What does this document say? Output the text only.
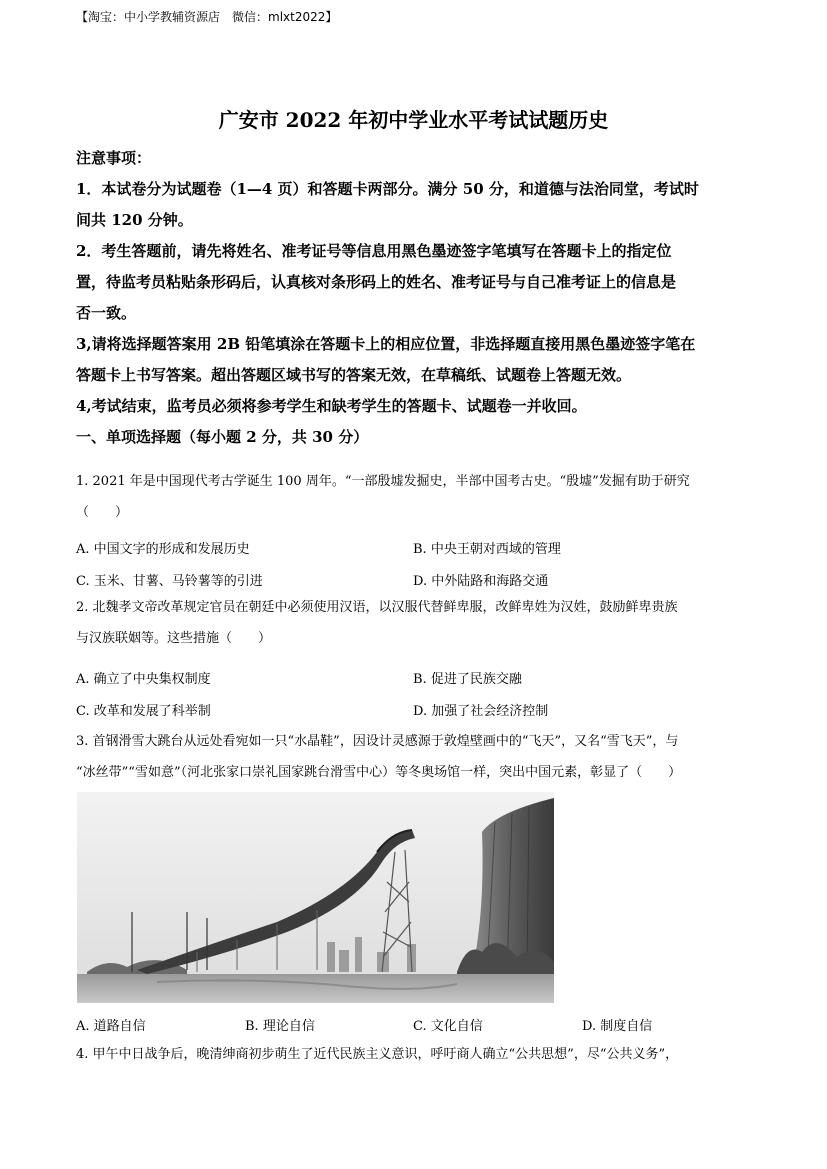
【淘宝：中小学教辅资源店　微信：mlxt2022】
广安市 2022 年初中学业水平考试试题历史
注意事项：
1．本试卷分为试题卷（1—4 页）和答题卡两部分。满分 50 分，和道德与法治同堂，考试时
间共 120 分钟。
2．考生答题前，请先将姓名、准考证号等信息用黑色墨迹签字笔填写在答题卡上的指定位
置，待监考员粘贴条形码后，认真核对条形码上的姓名、准考证号与自己准考证上的信息是
否一致。
3,请将选择题答案用 2B 铅笔填涂在答题卡上的相应位置，非选择题直接用黑色墨迹签字笔在
答题卡上书写答案。超出答题区域书写的答案无效，在草稿纸、试题卷上答题无效。
4,考试结束，监考员必须将参考学生和缺考学生的答题卡、试题卷一并收回。
一、单项选择题（每小题 2 分，共 30 分）
1. 2021 年是中国现代考古学诞生 100 周年。“一部殷墟发掘史，半部中国考古史。“殷墟”发掘有助于研究
（　　）
A. 中国文字的形成和发展历史	B. 中央王朝对西域的管理
C. 玉米、甘薯、马铃薯等的引进	D. 中外陆路和海路交通
2. 北魏孝文帝改革规定官员在朝廷中必须使用汉语，以汉服代替鲜卑服，改鲜卑姓为汉姓，鼓励鲜卑贵族
与汉族联姻等。这些措施（　　）
A. 确立了中央集权制度	B. 促进了民族交融
C. 改革和发展了科举制	D. 加强了社会经济控制
3. 首钢滑雪大跳台从远处看宛如一只“水晶鞋”，因设计灵感源于敦煌壁画中的“飞天”，又名“雪飞天”，与
“冰丝带”“雪如意”（河北张家口崇礼国家跳台滑雪中心）等冬奥场馆一样，突出中国元素，彰显了（　　）
A. 道路自信	B. 理论自信	C. 文化自信	D. 制度自信
4. 甲午中日战争后，晚清绅商初步萌生了近代民族主义意识，呼吁商人确立“公共思想”，尽“公共义务”，
